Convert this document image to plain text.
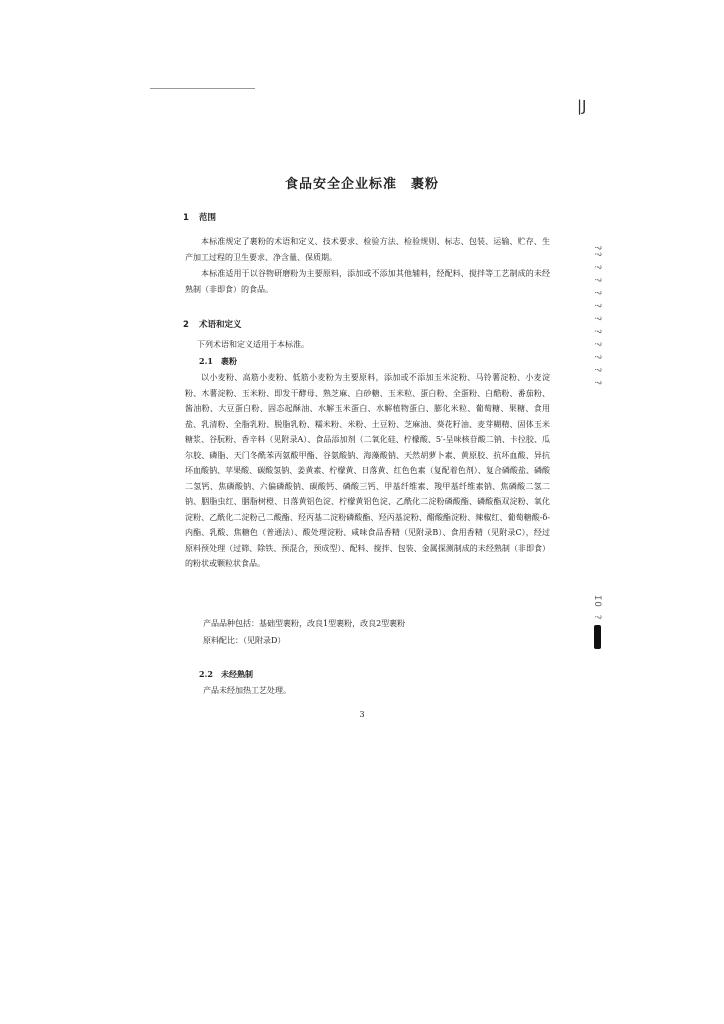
|J
?? ? ? ? ? ? ? ? ? ? ?
IO ?
食品安全企业标准　裹粉
1 范围

本标准规定了裹粉的术语和定义、技术要求、检验方法、检验规则、标志、包装、运输、贮存、生产加工过程的卫生要求、净含量、保质期。

本标准适用于以谷物研磨粉为主要原料，添加或不添加其他辅料，经配料、搅拌等工艺制成的未经熟制（非即食）的食品。

2 术语和定义

下列术语和定义适用于本标准。

2.1 裹粉

以小麦粉、高筋小麦粉、低筋小麦粉为主要原料，添加或不添加玉米淀粉、马铃薯淀粉、小麦淀粉、木薯淀粉、玉米粉、即发干酵母、熟芝麻、白砂糖、玉米粒、蛋白粉、全蛋粉、白酷粉、番茄粉、酱油粉、大豆蛋白粉、固态起酥油、水解玉米蛋白、水解植物蛋白、膨化米粒、葡萄糖、果糖、食用盐、乳清粉、全脂乳粉、脱脂乳粉、糯米粉、米粉、土豆粉、芝麻油、葵花籽油、麦芽糊精、固体玉米糖浆、谷朊粉、香辛料（见附录A）、食品添加剂（二氧化硅、柠檬酸、5′-呈味核苷酸二钠、卡拉胶、瓜尔胶、磷脂、天门冬酰苯丙氨酸甲酯、谷氨酸钠、海藻酸钠、天然胡萝卜素、黄原胶、抗坏血酸、异抗坏血酸钠、苹果酸、碳酸氢钠、姜黄素、柠檬黄、日落黄、红色色素（复配着色剂）、复合磷酸盐、磷酸二氢钙、焦磷酸钠、六偏磷酸钠、碳酸钙、磷酸三钙、甲基纤维素、羧甲基纤维素钠、焦磷酸二氢二钠、胭脂虫红、胭脂树橙、日落黄铝色淀、柠檬黄铝色淀、乙酰化二淀粉磷酸酯、磷酸酯双淀粉、氧化淀粉、乙酰化二淀粉己二酸酯、羟丙基二淀粉磷酸酯、羟丙基淀粉、醋酸酯淀粉、辣椒红、葡萄糖酸-δ-内酯、乳酸、焦糖色（普通法）、酸处理淀粉、咸味食品香精（见附录B）、食用香精（见附录C），经过原料预处理（过筛、除铁、预混合，预成型）、配料、搅拌、包装、金属探测制成的未经熟制（非即食）的粉状或颗粒状食品。

产品品种包括：基础型裹粉，改良1型裹粉，改良2型裹粉

原料配比：（见附录D）

2.2 未经熟制

产品未经加热工艺处理。

3
